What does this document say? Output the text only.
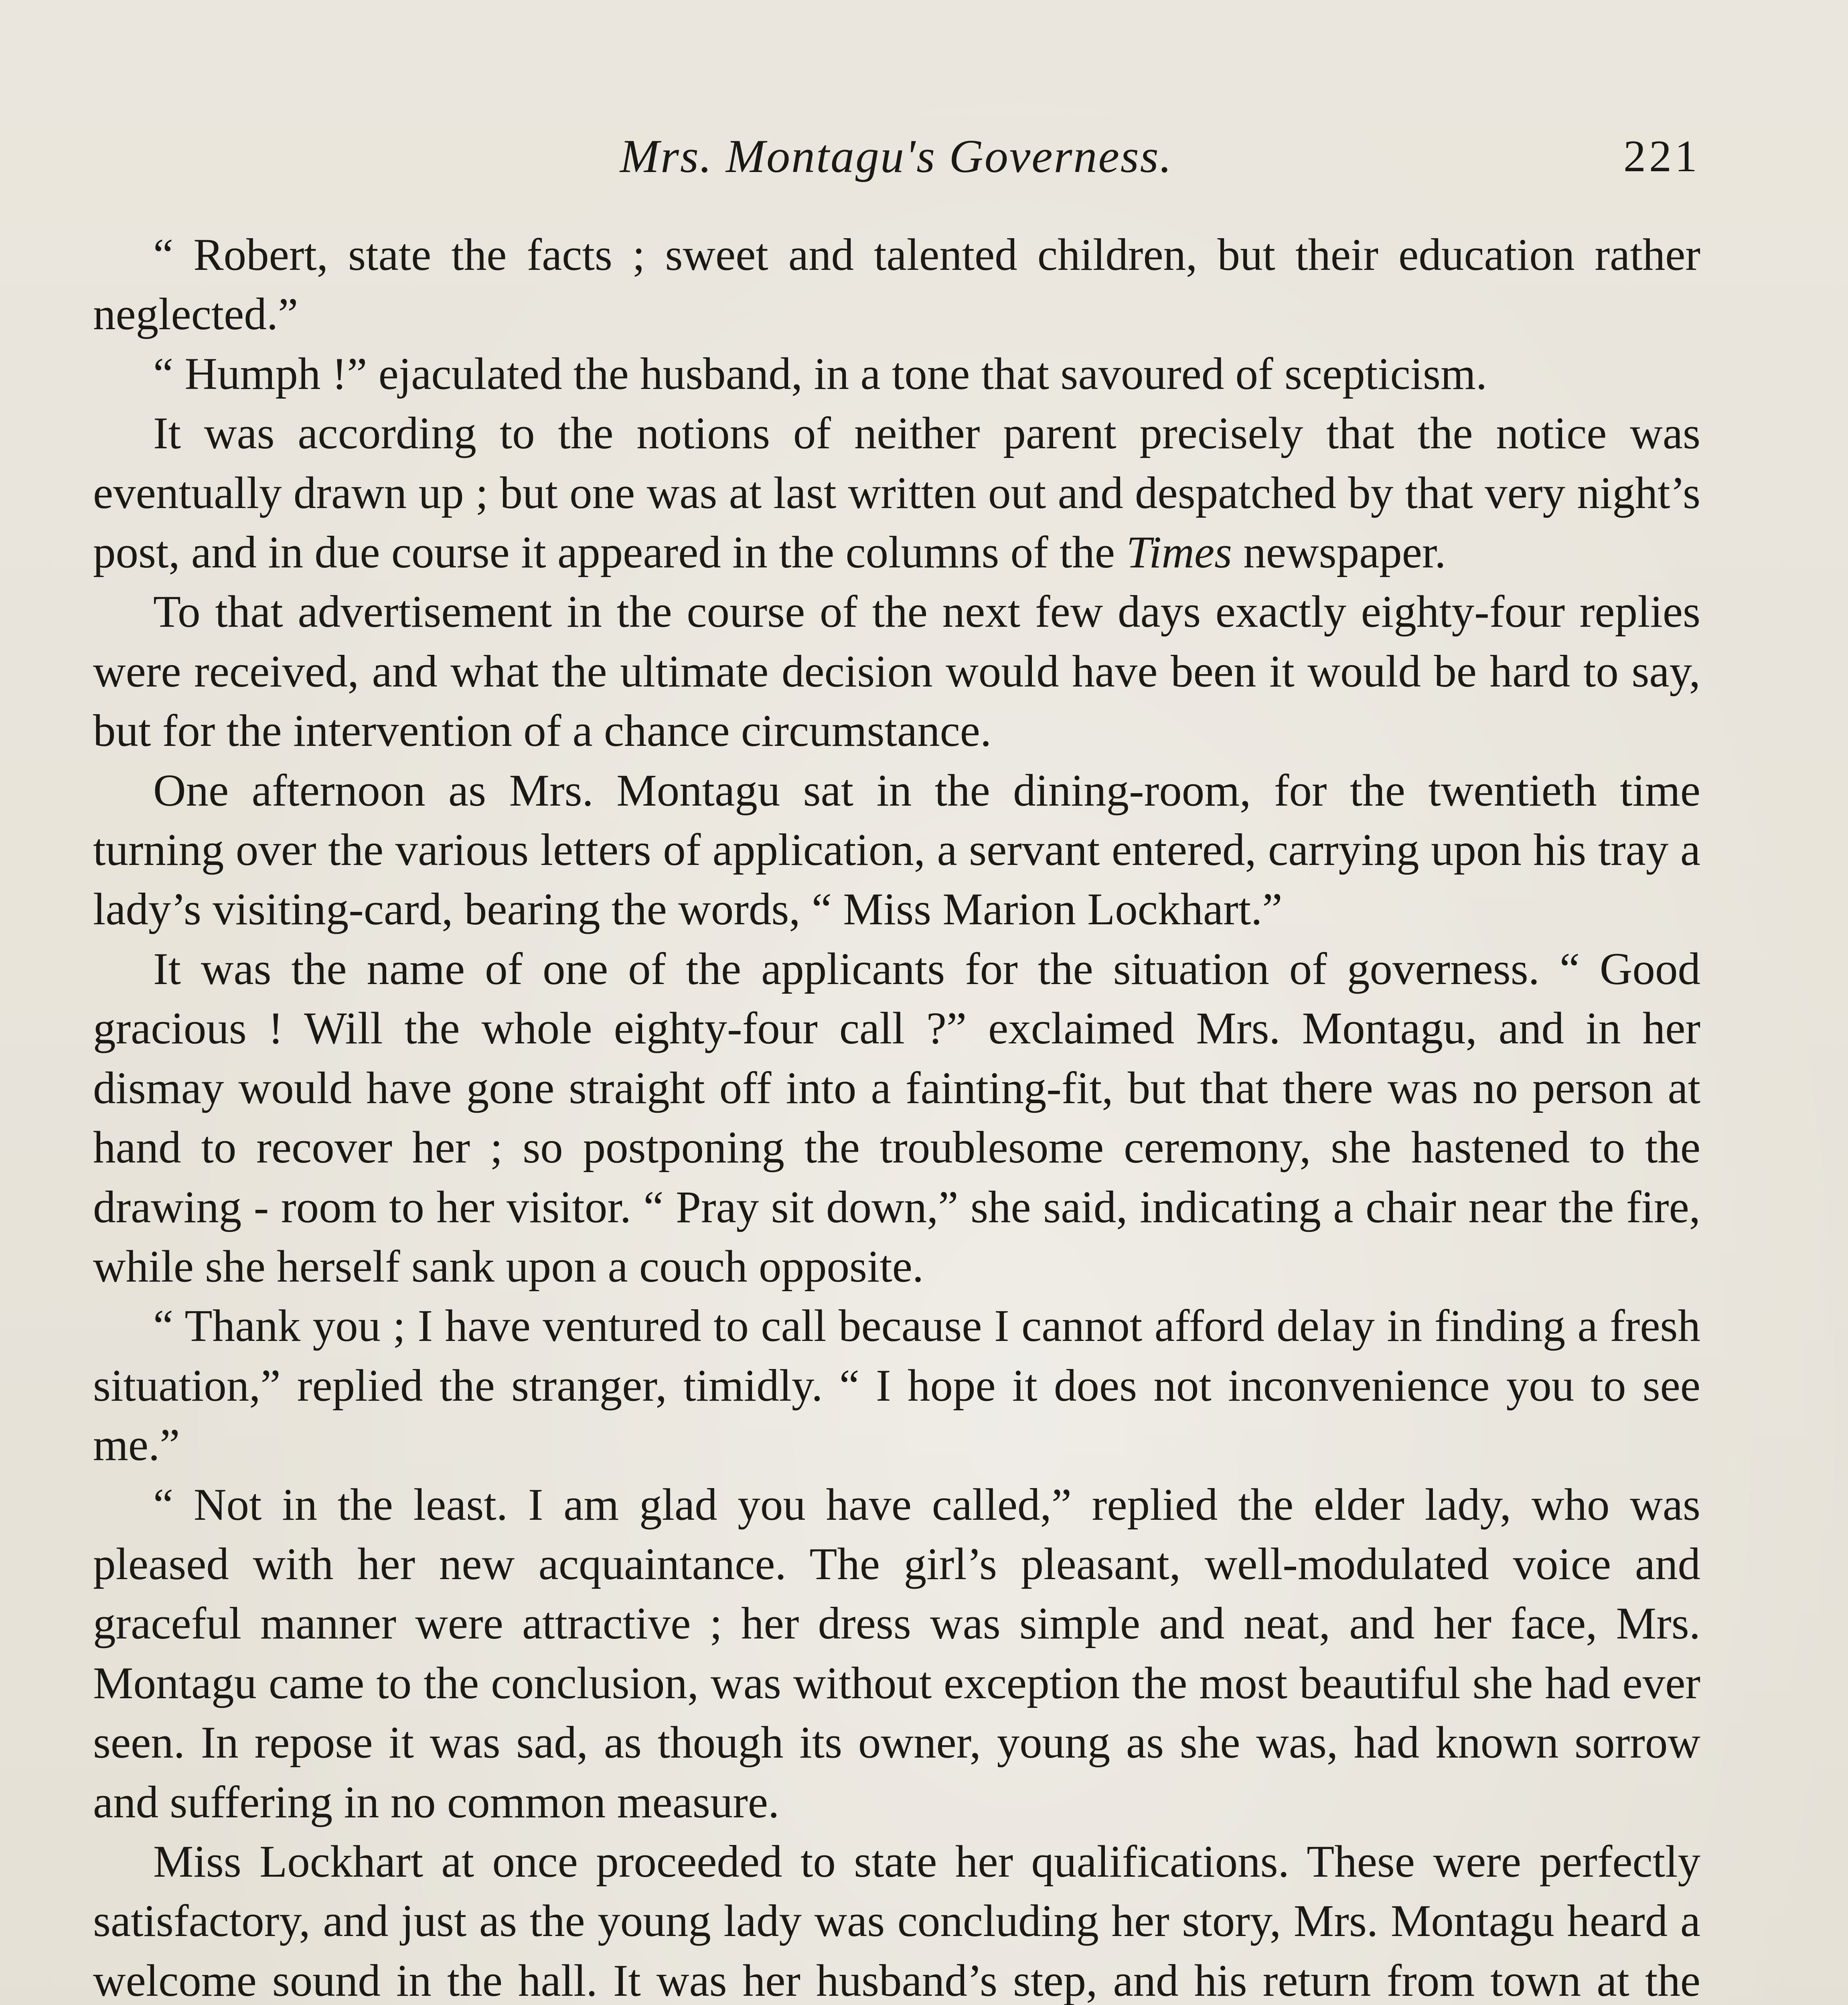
Mrs. Montagu's Governess.	221

“ Robert, state the facts ; sweet and talented children, but their education rather neglected.”

“ Humph !” ejaculated the husband, in a tone that savoured of scepticism.

It was according to the notions of neither parent precisely that the notice was eventually drawn up ; but one was at last written out and despatched by that very night’s post, and in due course it appeared in the columns of the Times newspaper.

To that advertisement in the course of the next few days exactly eighty-four replies were received, and what the ultimate decision would have been it would be hard to say, but for the intervention of a chance circumstance.

One afternoon as Mrs. Montagu sat in the dining-room, for the twentieth time turning over the various letters of application, a servant entered, carrying upon his tray a lady’s visiting-card, bearing the words, “ Miss Marion Lockhart.”

It was the name of one of the applicants for the situation of governess. “ Good gracious ! Will the whole eighty-four call ?” exclaimed Mrs. Montagu, and in her dismay would have gone straight off into a fainting-fit, but that there was no person at hand to recover her ; so postponing the troublesome ceremony, she hastened to the drawing - room to her visitor. “ Pray sit down,” she said, indicating a chair near the fire, while she herself sank upon a couch opposite.

“ Thank you ; I have ventured to call because I cannot afford delay in finding a fresh situation,” replied the stranger, timidly. “ I hope it does not inconvenience you to see me.”

“ Not in the least. I am glad you have called,” replied the elder lady, who was pleased with her new acquaintance. The girl’s pleasant, well-modulated voice and graceful manner were attractive ; her dress was simple and neat, and her face, Mrs. Montagu came to the conclusion, was without exception the most beautiful she had ever seen. In repose it was sad, as though its owner, young as she was, had known sorrow and suffering in no common measure.

Miss Lockhart at once proceeded to state her qualifications. These were perfectly satisfactory, and just as the young lady was concluding her story, Mrs. Montagu heard a welcome sound in the hall. It was her husband’s step, and his return from town at the
